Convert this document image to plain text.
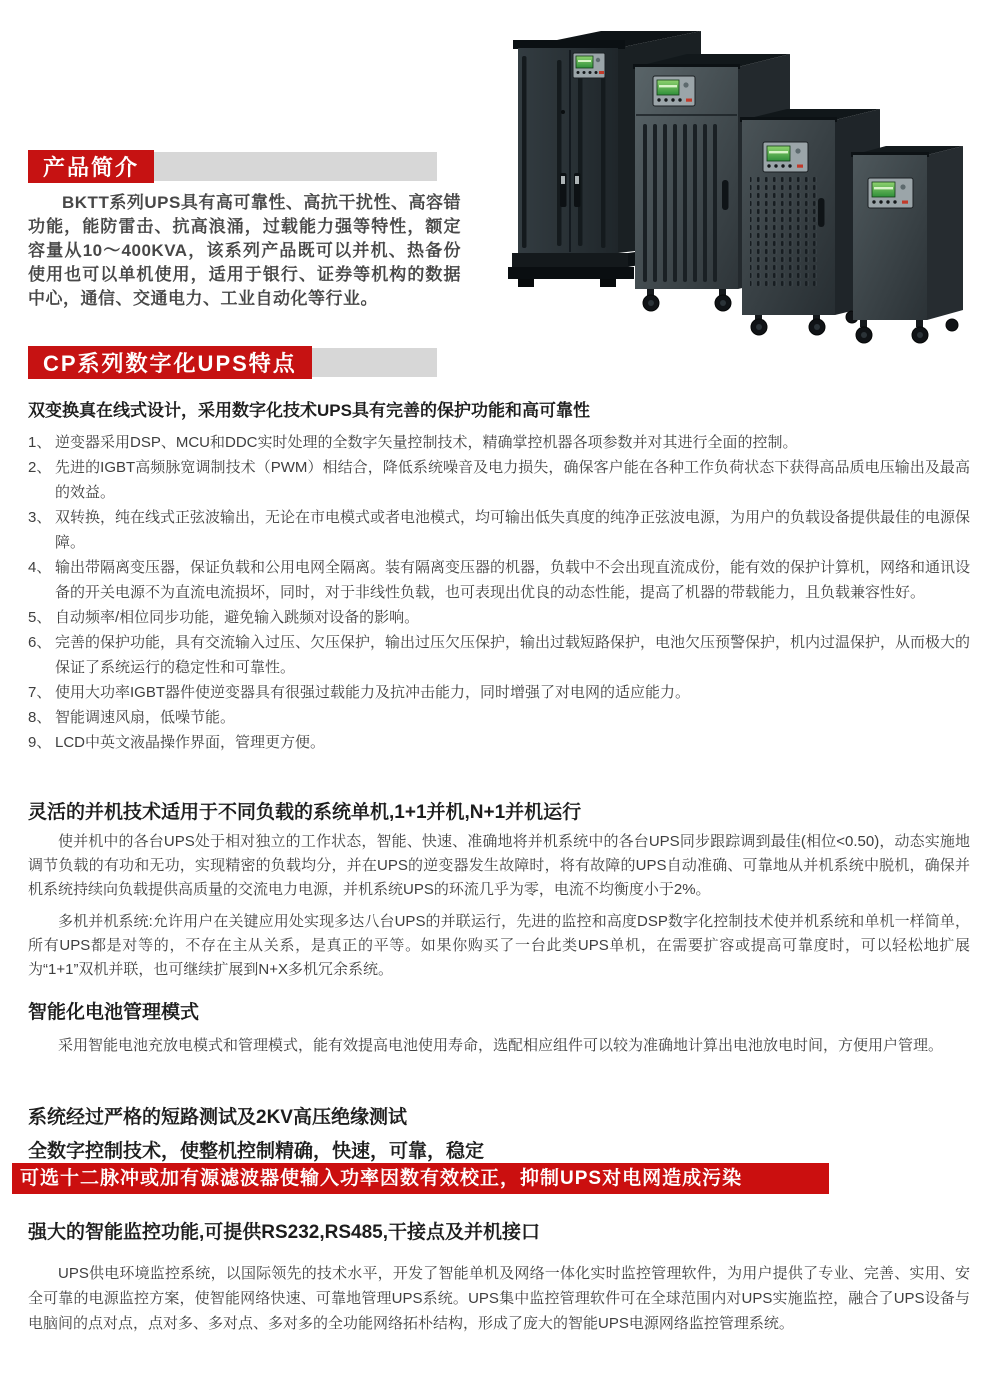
产品简介
BKTT系列UPS具有高可靠性、高抗干扰性、高容错功能，能防雷击、抗高浪涌，过载能力强等特性，额定容量从10～400KVA，该系列产品既可以并机、热备份使用也可以单机使用，适用于银行、证券等机构的数据中心，通信、交通电力、工业自动化等行业。
CP系列数字化UPS特点
双变换真在线式设计，采用数字化技术UPS具有完善的保护功能和高可靠性
1、 逆变器采用DSP、MCU和DDC实时处理的全数字矢量控制技术，精确掌控机器各项参数并对其进行全面的控制。
2、 先进的IGBT高频脉宽调制技术（PWM）相结合，降低系统噪音及电力损失，确保客户能在各种工作负荷状态下获得高品质电压输出及最高的效益。
3、 双转换，纯在线式正弦波输出，无论在市电模式或者电池模式，均可输出低失真度的纯净正弦波电源，为用户的负载设备提供最佳的电源保障。
4、 输出带隔离变压器，保证负载和公用电网全隔离。装有隔离变压器的机器，负载中不会出现直流成份，能有效的保护计算机，网络和通讯设备的开关电源不为直流电流损坏，同时，对于非线性负载，也可表现出优良的动态性能，提高了机器的带载能力，且负载兼容性好。
5、 自动频率/相位同步功能，避免输入跳频对设备的影响。
6、 完善的保护功能，具有交流输入过压、欠压保护，输出过压欠压保护，输出过载短路保护，电池欠压预警保护，机内过温保护，从而极大的保证了系统运行的稳定性和可靠性。
7、 使用大功率IGBT器件使逆变器具有很强过载能力及抗冲击能力，同时增强了对电网的适应能力。
8、 智能调速风扇，低噪节能。
9、 LCD中英文液晶操作界面，管理更方便。
灵活的并机技术适用于不同负载的系统单机,1+1并机,N+1并机运行
使并机中的各台UPS处于相对独立的工作状态，智能、快速、准确地将并机系统中的各台UPS同步跟踪调到最佳(相位<0.50)，动态实施地调节负载的有功和无功，实现精密的负载均分，并在UPS的逆变器发生故障时，将有故障的UPS自动准确、可靠地从并机系统中脱机，确保并机系统持续向负载提供高质量的交流电力电源，并机系统UPS的环流几乎为零，电流不均衡度小于2%。
多机并机系统:允许用户在关键应用处实现多达八台UPS的并联运行，先进的监控和高度DSP数字化控制技术使并机系统和单机一样简单，所有UPS都是对等的，不存在主从关系，是真正的平等。如果你购买了一台此类UPS单机，在需要扩容或提高可靠度时，可以轻松地扩展为“1+1”双机并联，也可继续扩展到N+X多机冗余系统。
智能化电池管理模式
采用智能电池充放电模式和管理模式，能有效提高电池使用寿命，选配相应组件可以较为准确地计算出电池放电时间，方便用户管理。
系统经过严格的短路测试及2KV高压绝缘测试
全数字控制技术，使整机控制精确，快速，可靠，稳定
可选十二脉冲或加有源滤波器使输入功率因数有效校正，抑制UPS对电网造成污染
强大的智能监控功能,可提供RS232,RS485,干接点及并机接口
UPS供电环境监控系统，以国际领先的技术水平，开发了智能单机及网络一体化实时监控管理软件，为用户提供了专业、完善、实用、安全可靠的电源监控方案，使智能网络快速、可靠地管理UPS系统。UPS集中监控管理软件可在全球范围内对UPS实施监控，融合了UPS设备与电脑间的点对点，点对多、多对点、多对多的全功能网络拓朴结构，形成了庞大的智能UPS电源网络监控管理系统。
